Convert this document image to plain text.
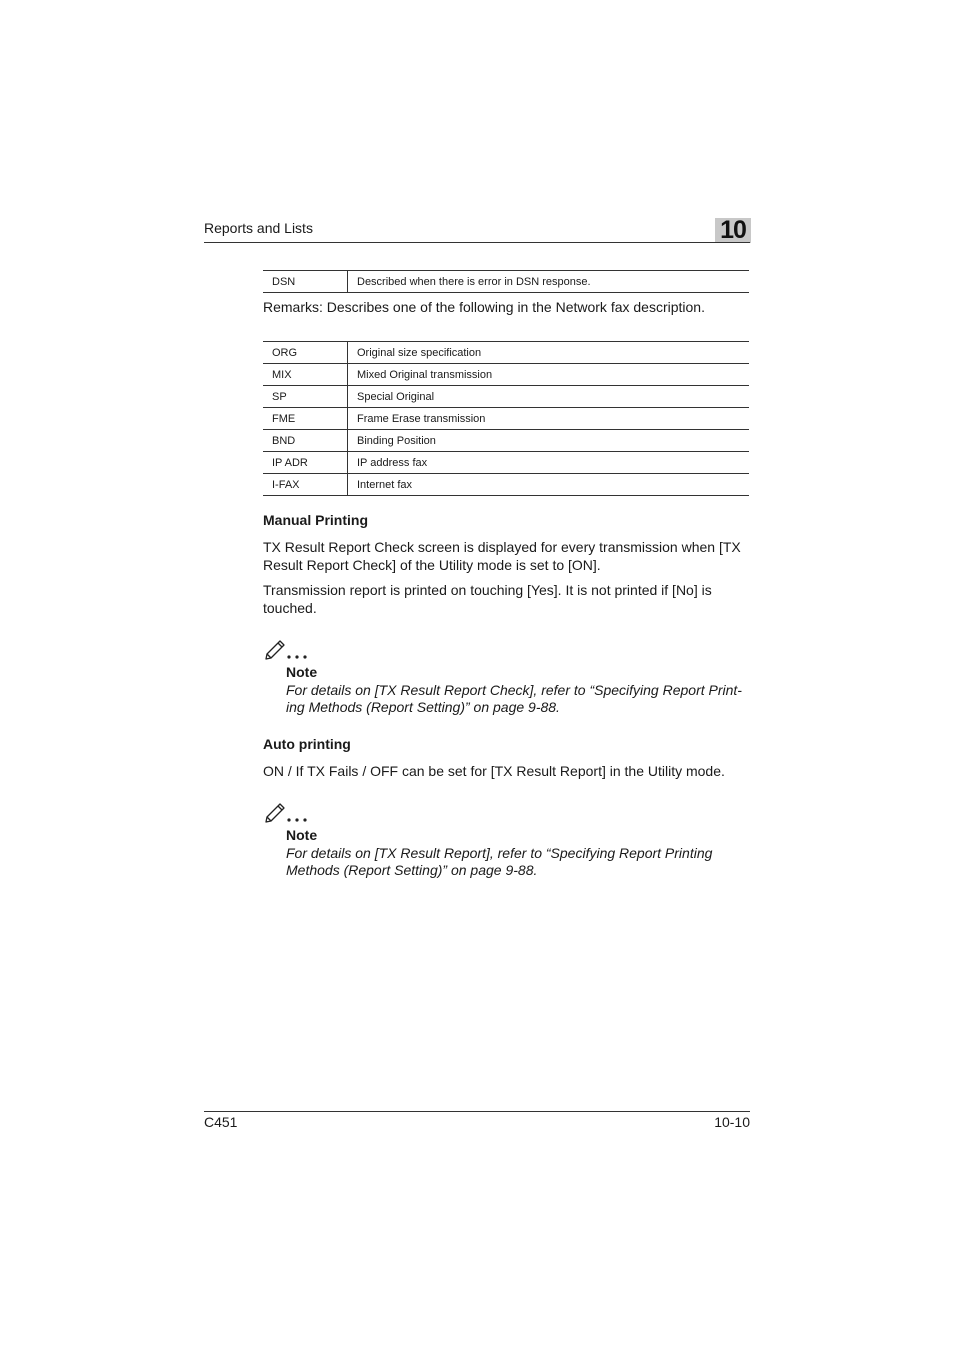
Reports and Lists	10
DSN	Described when there is error in DSN response.
Remarks: Describes one of the following in the Network fax description.
ORG	Original size specification
MIX	Mixed Original transmission
SP	Special Original
FME	Frame Erase transmission
BND	Binding Position
IP ADR	IP address fax
I-FAX	Internet fax
Manual Printing
TX Result Report Check screen is displayed for every transmission when [TX Result Report Check] of the Utility mode is set to [ON].
Transmission report is printed on touching [Yes]. It is not printed if [No] is touched.
Note
For details on [TX Result Report Check], refer to “Specifying Report Print-ing Methods (Report Setting)” on page 9-88.
Auto printing
ON / If TX Fails / OFF can be set for [TX Result Report] in the Utility mode.
Note
For details on [TX Result Report], refer to “Specifying Report Printing Methods (Report Setting)” on page 9-88.
C451	10-10
